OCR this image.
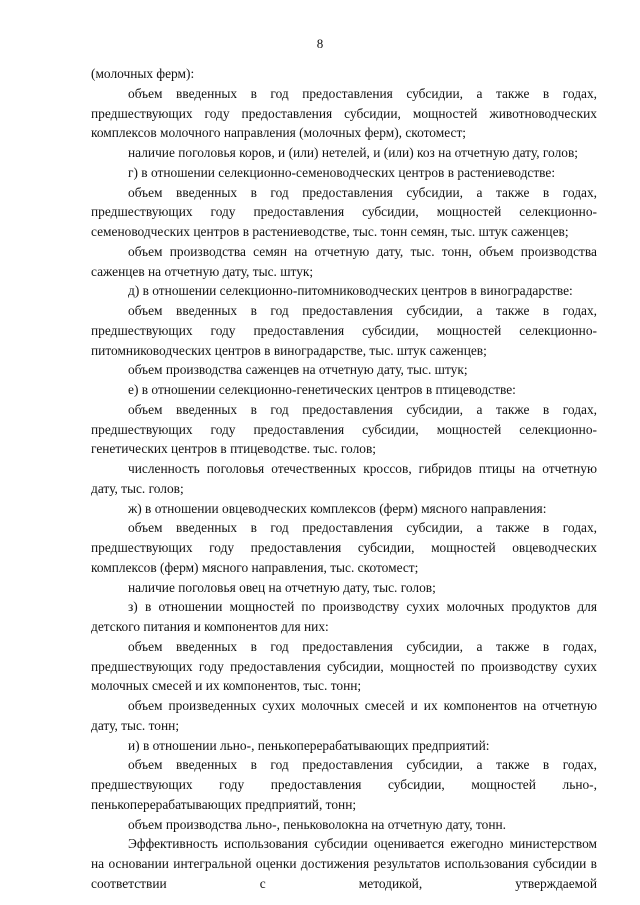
8

(молочных ферм):

объем введенных в год предоставления субсидии, а также в годах, предшествующих году предоставления субсидии, мощностей животноводческих комплексов молочного направления (молочных ферм), скотомест;

наличие поголовья коров, и (или) нетелей, и (или) коз на отчетную дату, голов;

г) в отношении селекционно-семеноводческих центров в растениеводстве:

объем введенных в год предоставления субсидии, а также в годах, предшествующих году предоставления субсидии, мощностей селекционно-семеноводческих центров в растениеводстве, тыс. тонн семян, тыс. штук саженцев;

объем производства семян на отчетную дату, тыс. тонн, объем производства саженцев на отчетную дату, тыс. штук;

д) в отношении селекционно-питомниководческих центров в виноградарстве:

объем введенных в год предоставления субсидии, а также в годах, предшествующих году предоставления субсидии, мощностей селекционно-питомниководческих центров в виноградарстве, тыс. штук саженцев;

объем производства саженцев на отчетную дату, тыс. штук;

е) в отношении селекционно-генетических центров в птицеводстве:

объем введенных в год предоставления субсидии, а также в годах, предшествующих году предоставления субсидии, мощностей селекционно-генетических центров в птицеводстве. тыс. голов;

численность поголовья отечественных кроссов, гибридов птицы на отчетную дату, тыс. голов;

ж) в отношении овцеводческих комплексов (ферм) мясного направления:

объем введенных в год предоставления субсидии, а также в годах, предшествующих году предоставления субсидии, мощностей овцеводческих комплексов (ферм) мясного направления, тыс. скотомест;

наличие поголовья овец на отчетную дату, тыс. голов;

з) в отношении мощностей по производству сухих молочных продуктов для детского питания и компонентов для них:

объем введенных в год предоставления субсидии, а также в годах, предшествующих году предоставления субсидии, мощностей по производству сухих молочных смесей и их компонентов, тыс. тонн;

объем произведенных сухих молочных смесей и их компонентов на отчетную дату, тыс. тонн;

и) в отношении льно-, пенькоперерабатывающих предприятий:

объем введенных в год предоставления субсидии, а также в годах, предшествующих году предоставления субсидии, мощностей льно-, пенькоперерабатывающих предприятий, тонн;

объем производства льно-, пеньковолокна на отчетную дату, тонн.

Эффективность использования субсидии оценивается ежегодно министерством на основании интегральной оценки достижения результатов использования субсидии в соответствии с методикой, утверждаемой
